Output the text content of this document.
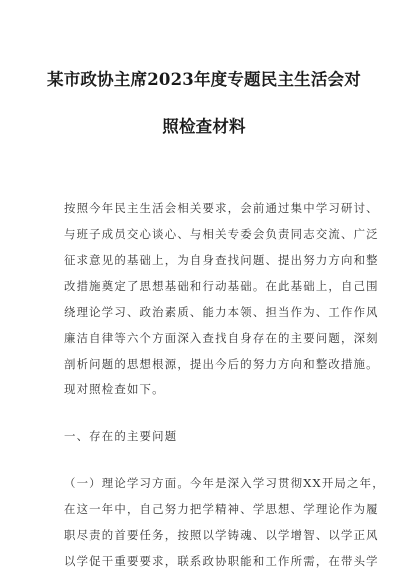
某市政协主席2023年度专题民主生活会对
照检查材料
按照今年民主生活会相关要求，会前通过集中学习研讨、
与班子成员交心谈心、与相关专委会负责同志交流、广泛
征求意见的基础上，为自身查找问题、提出努力方向和整
改措施奠定了思想基础和行动基础。在此基础上，自己围
绕理论学习、政治素质、能力本领、担当作为、工作作风
廉洁自律等六个方面深入查找自身存在的主要问题，深刻
剖析问题的思想根源，提出今后的努力方向和整改措施。
现对照检查如下。
一、存在的主要问题
（一）理论学习方面。今年是深入学习贯彻XX开局之年，
在这一年中，自己努力把学精神、学思想、学理论作为履
职尽责的首要任务，按照以学铸魂、以学增智、以学正风
以学促干重要要求，联系政协职能和工作所需，在带头学
